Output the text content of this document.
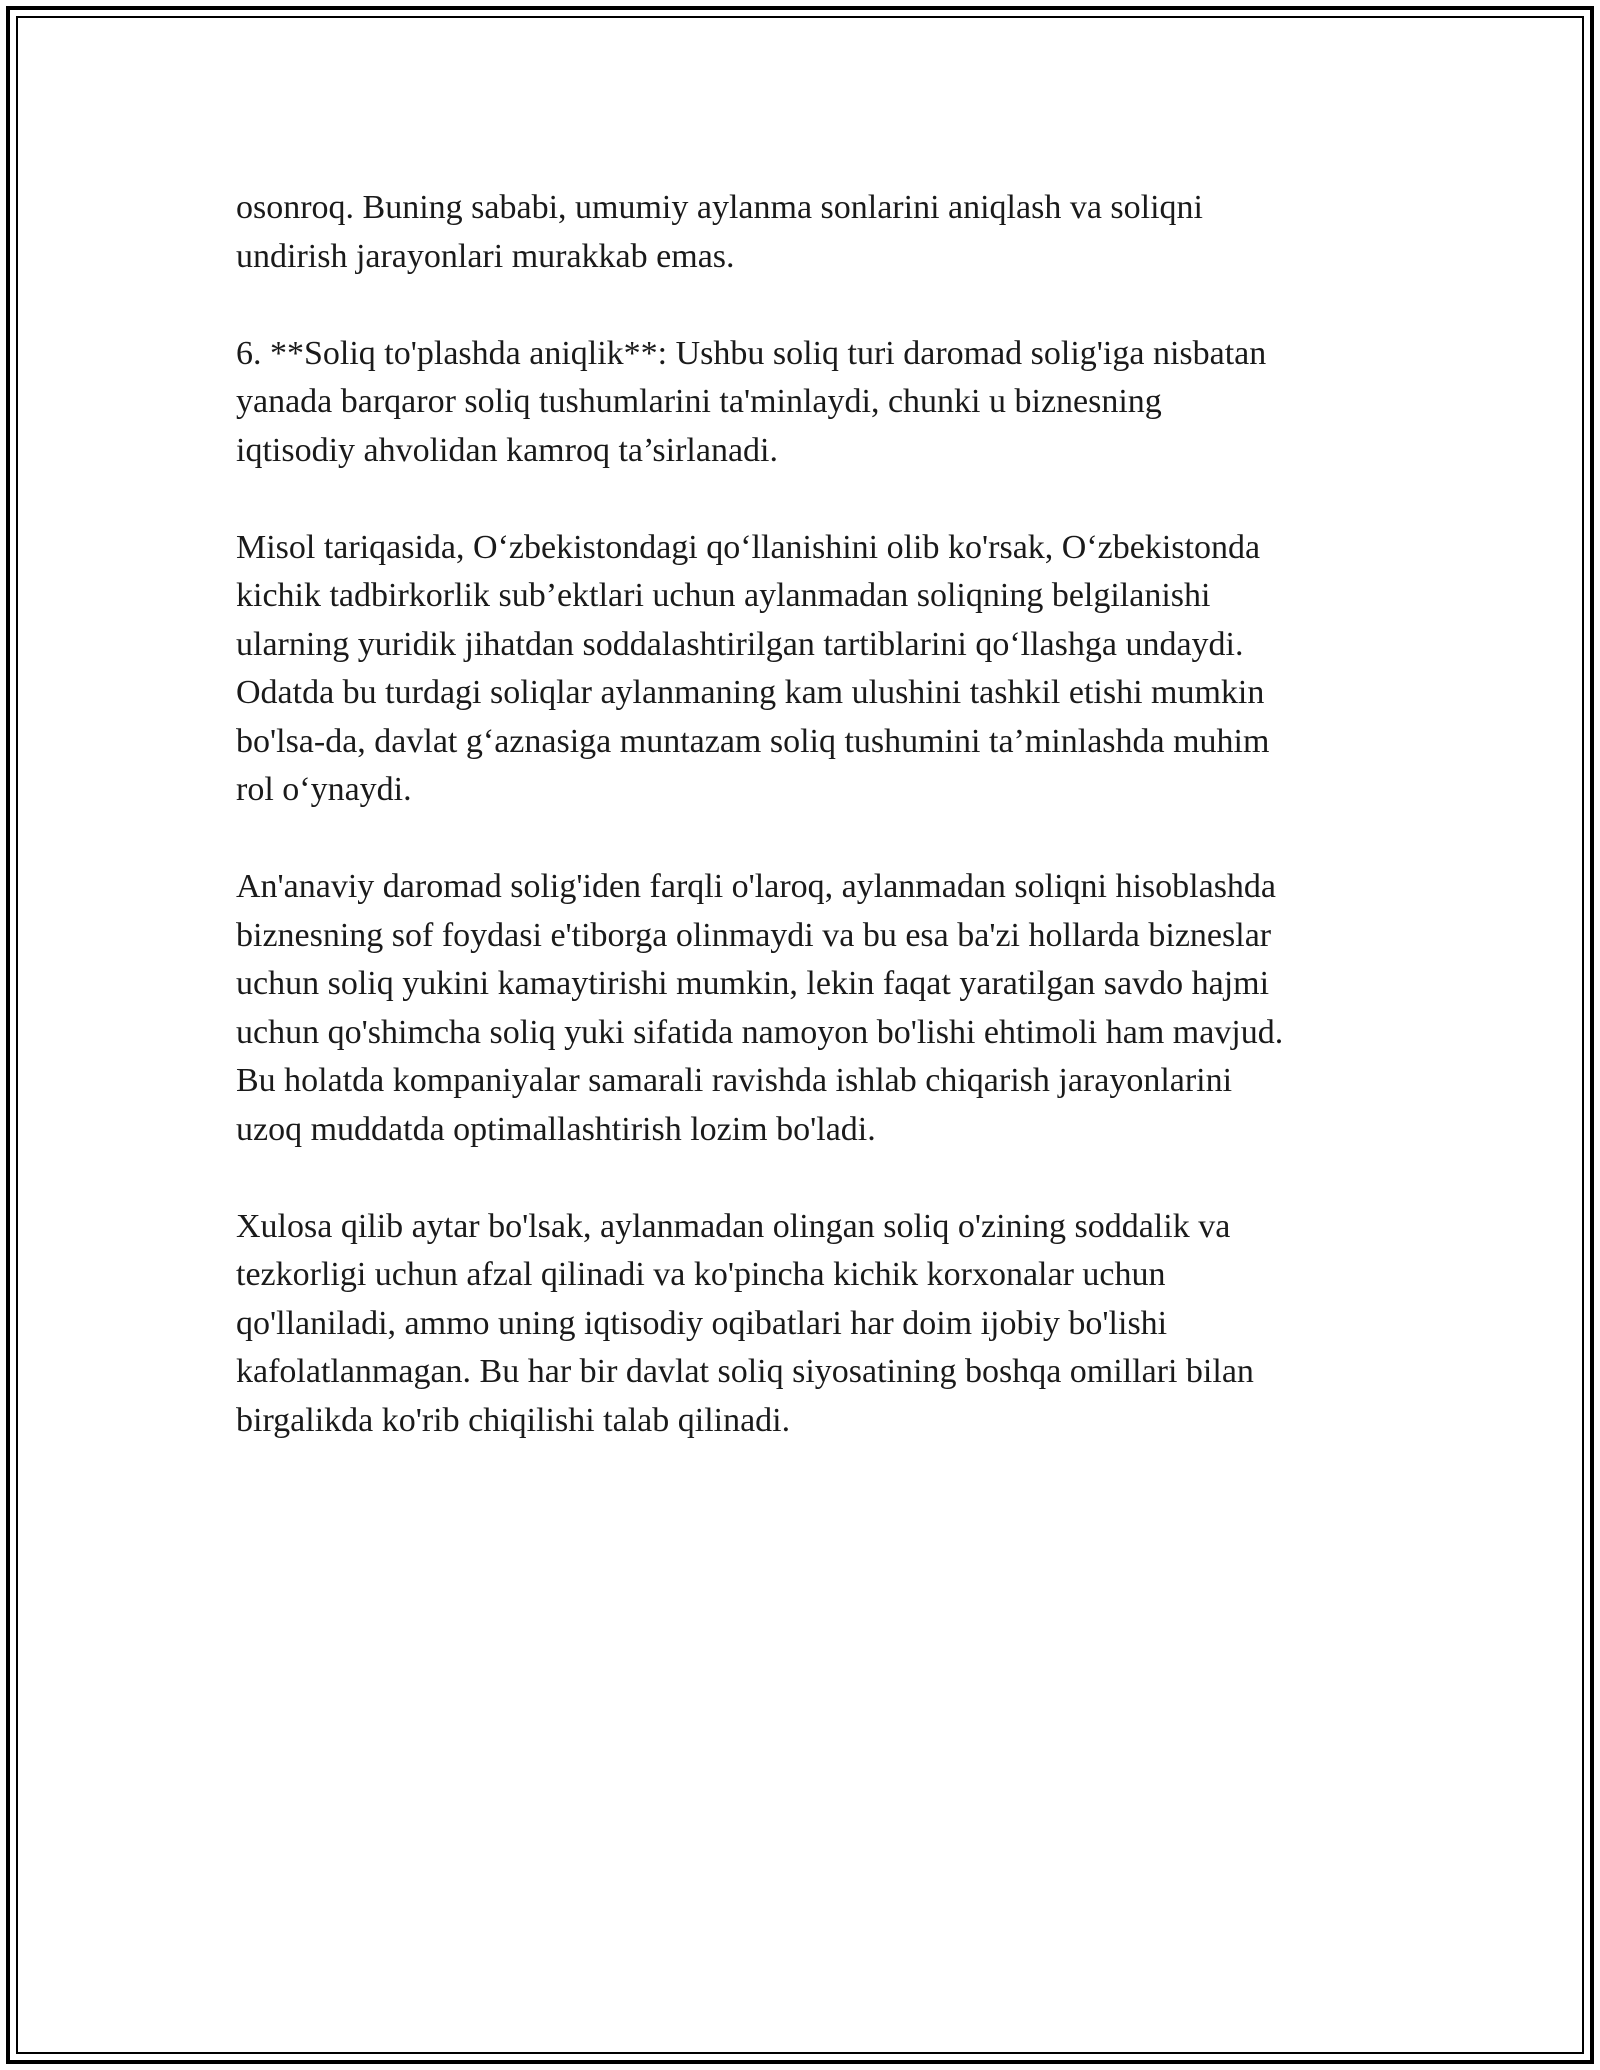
osonroq. Buning sababi, umumiy aylanma sonlarini aniqlash va soliqni
undirish jarayonlari murakkab emas.

6. **Soliq to'plashda aniqlik**: Ushbu soliq turi daromad solig'iga nisbatan
yanada barqaror soliq tushumlarini ta'minlaydi, chunki u biznesning
iqtisodiy ahvolidan kamroq ta’sirlanadi.

Misol tariqasida, O‘zbekistondagi qo‘llanishini olib ko'rsak, O‘zbekistonda
kichik tadbirkorlik sub’ektlari uchun aylanmadan soliqning belgilanishi
ularning yuridik jihatdan soddalashtirilgan tartiblarini qo‘llashga undaydi.
Odatda bu turdagi soliqlar aylanmaning kam ulushini tashkil etishi mumkin
bo'lsa-da, davlat g‘aznasiga muntazam soliq tushumini ta’minlashda muhim
rol o‘ynaydi.

An'anaviy daromad solig'iden farqli o'laroq, aylanmadan soliqni hisoblashda
biznesning sof foydasi e'tiborga olinmaydi va bu esa ba'zi hollarda bizneslar
uchun soliq yukini kamaytirishi mumkin, lekin faqat yaratilgan savdo hajmi
uchun qo'shimcha soliq yuki sifatida namoyon bo'lishi ehtimoli ham mavjud.
Bu holatda kompaniyalar samarali ravishda ishlab chiqarish jarayonlarini
uzoq muddatda optimallashtirish lozim bo'ladi.

Xulosa qilib aytar bo'lsak, aylanmadan olingan soliq o'zining soddalik va
tezkorligi uchun afzal qilinadi va ko'pincha kichik korxonalar uchun
qo'llaniladi, ammo uning iqtisodiy oqibatlari har doim ijobiy bo'lishi
kafolatlanmagan. Bu har bir davlat soliq siyosatining boshqa omillari bilan
birgalikda ko'rib chiqilishi talab qilinadi.
